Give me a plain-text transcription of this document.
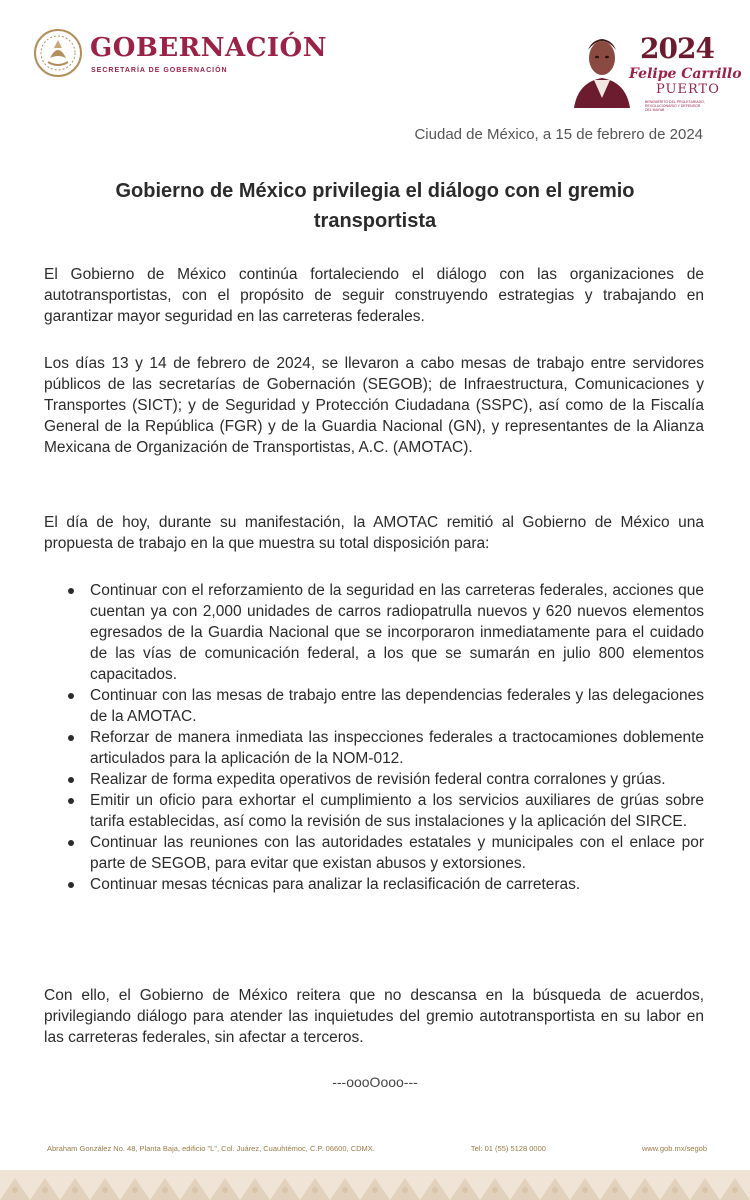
GOBERNACIÓN
SECRETARÍA DE GOBERNACIÓN
2024
Felipe Carrillo
PUERTO
BENEMÉRITO DEL PROLETARIADO, REVOLUCIONARIO Y DEFENSOR DEL MAYAB
Ciudad de México, a 15 de febrero de 2024
Gobierno de México privilegia el diálogo con el gremio transportista
El Gobierno de México continúa fortaleciendo el diálogo con las organizaciones de autotransportistas, con el propósito de seguir construyendo estrategias y trabajando en garantizar mayor seguridad en las carreteras federales.
Los días 13 y 14 de febrero de 2024, se llevaron a cabo mesas de trabajo entre servidores públicos de las secretarías de Gobernación (SEGOB); de Infraestructura, Comunicaciones y Transportes (SICT); y de Seguridad y Protección Ciudadana (SSPC), así como de la Fiscalía General de la República (FGR) y de la Guardia Nacional (GN), y representantes de la Alianza Mexicana de Organización de Transportistas, A.C. (AMOTAC).
El día de hoy, durante su manifestación, la AMOTAC remitió al Gobierno de México una propuesta de trabajo en la que muestra su total disposición para:
Continuar con el reforzamiento de la seguridad en las carreteras federales, acciones que cuentan ya con 2,000 unidades de carros radiopatrulla nuevos y 620 nuevos elementos egresados de la Guardia Nacional que se incorporaron inmediatamente para el cuidado de las vías de comunicación federal, a los que se sumarán en julio 800 elementos capacitados.
Continuar con las mesas de trabajo entre las dependencias federales y las delegaciones de la AMOTAC.
Reforzar de manera inmediata las inspecciones federales a tractocamiones doblemente articulados para la aplicación de la NOM-012.
Realizar de forma expedita operativos de revisión federal contra corralones y grúas.
Emitir un oficio para exhortar el cumplimiento a los servicios auxiliares de grúas sobre tarifa establecidas, así como la revisión de sus instalaciones y la aplicación del SIRCE.
Continuar las reuniones con las autoridades estatales y municipales con el enlace por parte de SEGOB, para evitar que existan abusos y extorsiones.
Continuar mesas técnicas para analizar la reclasificación de carreteras.
Con ello, el Gobierno de México reitera que no descansa en la búsqueda de acuerdos, privilegiando diálogo para atender las inquietudes del gremio autotransportista en su labor en las carreteras federales, sin afectar a terceros.
---oooOooo---
Abraham González No. 48, Planta Baja, edificio "L", Col. Juárez, Cuauhtémoc, C.P. 06600, CDMX.	Tel: 01 (55) 5128 0000	www.gob.mx/segob
